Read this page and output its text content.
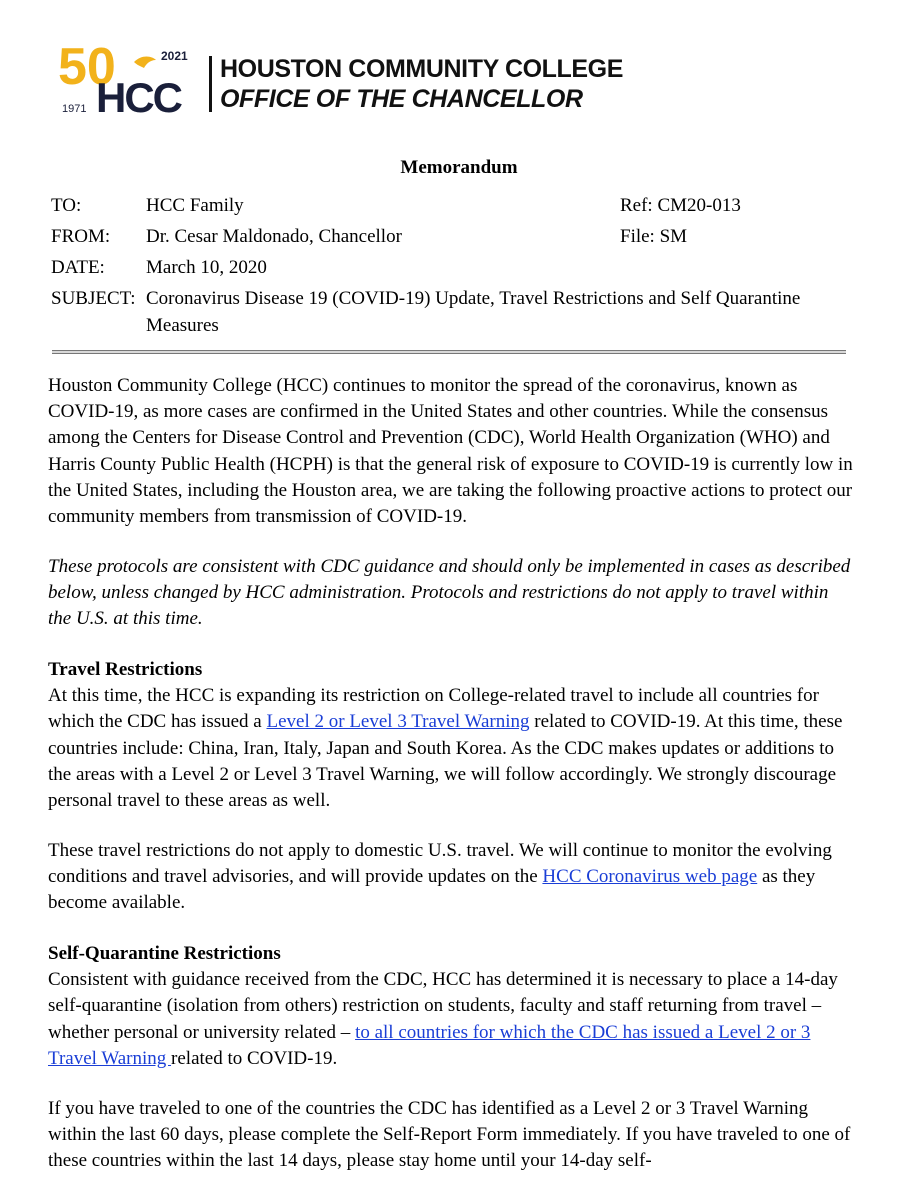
50	2021
1971 HCC
HOUSTON COMMUNITY COLLEGE
OFFICE OF THE CHANCELLOR
Memorandum
TO:	HCC Family	Ref: CM20-013
FROM: Dr. Cesar Maldonado, Chancellor	File: SM
DATE: March 10, 2020
SUBJECT: Coronavirus Disease 19 (COVID-19) Update, Travel Restrictions and Self Quarantine Measures

Houston Community College (HCC) continues to monitor the spread of the coronavirus, known as COVID-19, as more cases are confirmed in the United States and other countries. While the consensus among the Centers for Disease Control and Prevention (CDC), World Health Organization (WHO) and Harris County Public Health (HCPH) is that the general risk of exposure to COVID-19 is currently low in the United States, including the Houston area, we are taking the following proactive actions to protect our community members from transmission of COVID-19.

These protocols are consistent with CDC guidance and should only be implemented in cases as described below, unless changed by HCC administration. Protocols and restrictions do not apply to travel within the U.S. at this time.

Travel Restrictions

At this time, the HCC is expanding its restriction on College-related travel to include all countries for which the CDC has issued a Level 2 or Level 3 Travel Warning related to COVID-19. At this time, these countries include: China, Iran, Italy, Japan and South Korea. As the CDC makes updates or additions to the areas with a Level 2 or Level 3 Travel Warning, we will follow accordingly. We strongly discourage personal travel to these areas as well.

These travel restrictions do not apply to domestic U.S. travel. We will continue to monitor the evolving conditions and travel advisories, and will provide updates on the HCC Coronavirus web page as they become available.

Self-Quarantine Restrictions

Consistent with guidance received from the CDC, HCC has determined it is necessary to place a 14-day self-quarantine (isolation from others) restriction on students, faculty and staff returning from travel – whether personal or university related – to all countries for which the CDC has issued a Level 2 or 3 Travel Warning related to COVID-19.

If you have traveled to one of the countries the CDC has identified as a Level 2 or 3 Travel Warning within the last 60 days, please complete the Self-Report Form immediately. If you have traveled to one of these countries within the last 14 days, please stay home until your 14-day self-
